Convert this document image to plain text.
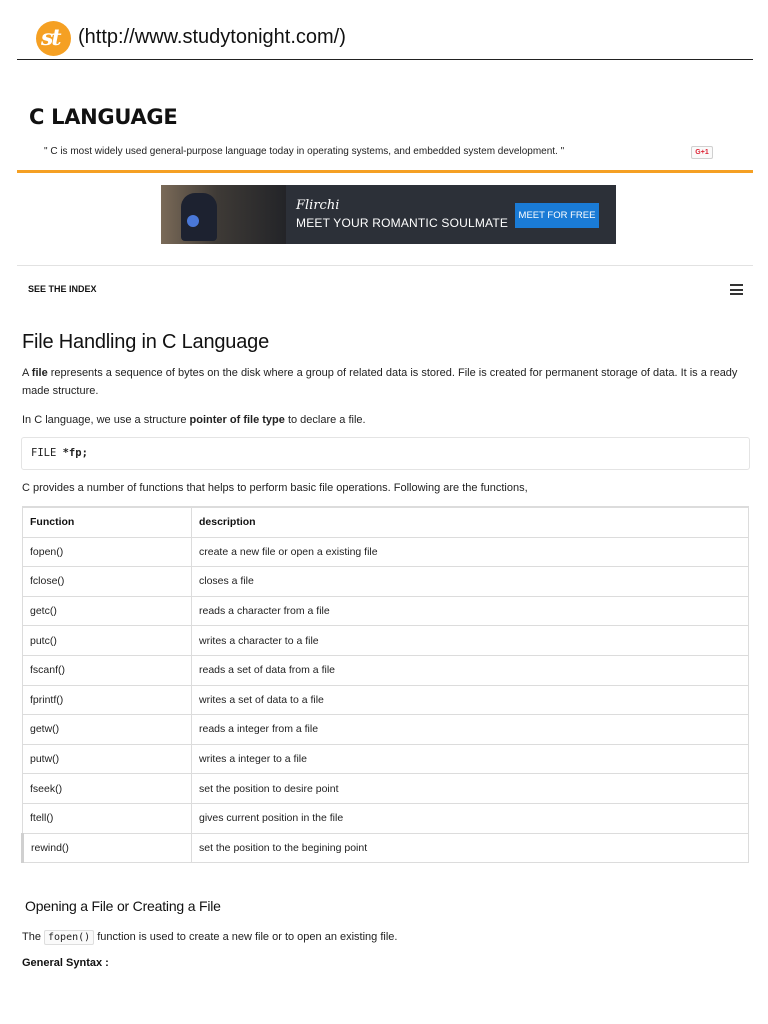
st (http://www.studytonight.com/)
C LANGUAGE
" C is most widely used general-purpose language today in operating systems, and embedded system development. "	G+1
Flirchi
MEET YOUR ROMANTIC SOULMATE
MEET FOR FREE
SEE THE INDEX
File Handling in C Language
A file represents a sequence of bytes on the disk where a group of related data is stored. File is created for permanent storage of data. It is a ready made structure.
In C language, we use a structure pointer of file type to declare a file.
FILE *fp;
C provides a number of functions that helps to perform basic file operations. Following are the functions,
Function	description
fopen()	create a new file or open a existing file
fclose()	closes a file
getc()	reads a character from a file
putc()	writes a character to a file
fscanf()	reads a set of data from a file
fprintf()	writes a set of data to a file
getw()	reads a integer from a file
putw()	writes a integer to a file
fseek()	set the position to desire point
ftell()	gives current position in the file
rewind()	set the position to the begining point
Opening a File or Creating a File
The fopen() function is used to create a new file or to open an existing file.
General Syntax :
